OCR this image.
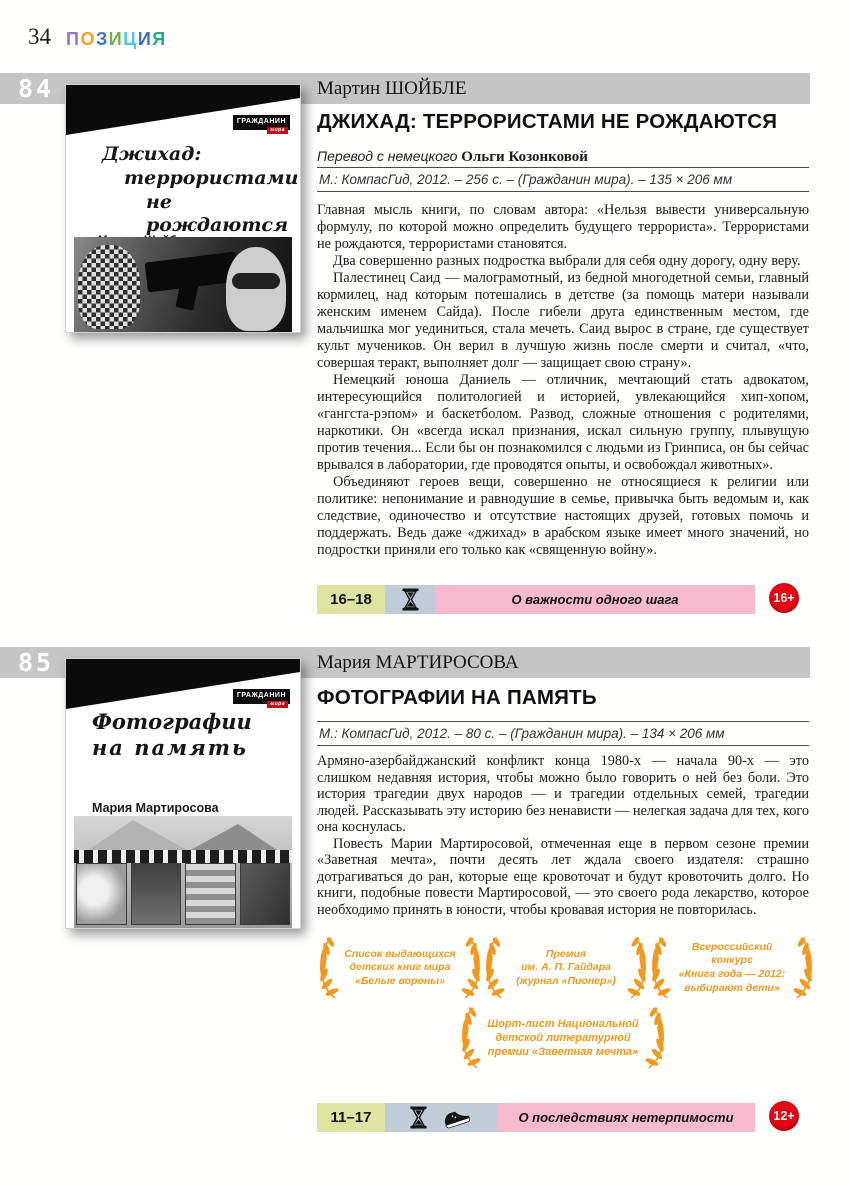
34 ПОЗИЦИЯ
84	Мартин ШОЙБЛЕ
ГРАЖДАНИН
мира
Джихад:
террористами
не рождаются
ДЖИХАД: ТЕРРОРИСТАМИ НЕ РОЖДАЮТСЯ
Перевод с немецкого Ольги Козонковой
М.: КомпасГид, 2012. – 256 с. – (Гражданин мира). – 135 × 206 мм

Главная мысль книги, по словам автора: «Нельзя вывести универсальную формулу, по которой можно определить будущего террориста». Террористами не рождаются, террористами становятся.

Два совершенно разных подростка выбрали для себя одну дорогу, одну веру.

Палестинец Саид — малограмотный, из бедной многодетной семьи, главный кормилец, над которым потешались в детстве (за помощь матери называли женским именем Сайда). После гибели друга единственным местом, где мальчишка мог уединиться, стала мечеть. Саид вырос в стране, где существует культ мучеников. Он верил в лучшую жизнь после смерти и считал, «что, совершая теракт, выполняет долг — защищает свою страну».

Немецкий юноша Даниель — отличник, мечтающий стать адвокатом, интересующийся политологией и историей, увлекающийся хип-хопом, «гангста-рэпом» и баскетболом. Развод, сложные отношения с родителями, наркотики. Он «всегда искал признания, искал сильную группу, плывущую против течения... Если бы он познакомился с людьми из Гринписа, он бы сейчас врывался в лаборатории, где проводятся опыты, и освобождал животных».

Объединяют героев вещи, совершенно не относящиеся к религии или политике: непонимание и равнодушие в семье, привычка быть ведомым и, как следствие, одиночество и отсутствие настоящих друзей, готовых помочь и поддержать. Ведь даже «джихад» в арабском языке имеет много значений, но подростки приняли его только как «священную войну».

16–18	О важности одного шага	16+
85	Мария МАРТИРОСОВА
ГРАЖДАНИН
мира
Фотографии
на память
Мария Мартиросова
ФОТОГРАФИИ НА ПАМЯТЬ
М.: КомпасГид, 2012. – 80 с. – (Гражданин мира). – 134 × 206 мм

Армяно-азербайджанский конфликт конца 1980-х — начала 90-х — это слишком недавняя история, чтобы можно было говорить о ней без боли. Это история трагедии двух народов — и трагедии отдельных семей, трагедии людей. Рассказывать эту историю без ненависти — нелегкая задача для тех, кого она коснулась.

Повесть Марии Мартиросовой, отмеченная еще в первом сезоне премии «Заветная мечта», почти десять лет ждала своего издателя: страшно дотрагиваться до ран, которые еще кровоточат и будут кровоточить долго. Но книги, подобные повести Мартиросовой, — это своего рода лекарство, которое необходимо принять в юности, чтобы кровавая история не повторилась.

Список выдающихся
детских книг мира
«Белые вороны»
Премия
им. А. П. Гайдара
(журнал «Пионер»)
Всероссийский конкурс
«Книга года — 2012:
выбирают дети»
Шорт-лист Национальной
детской литературной
премии «Заветная мечта»
11–17	О последствиях нетерпимости	12+
